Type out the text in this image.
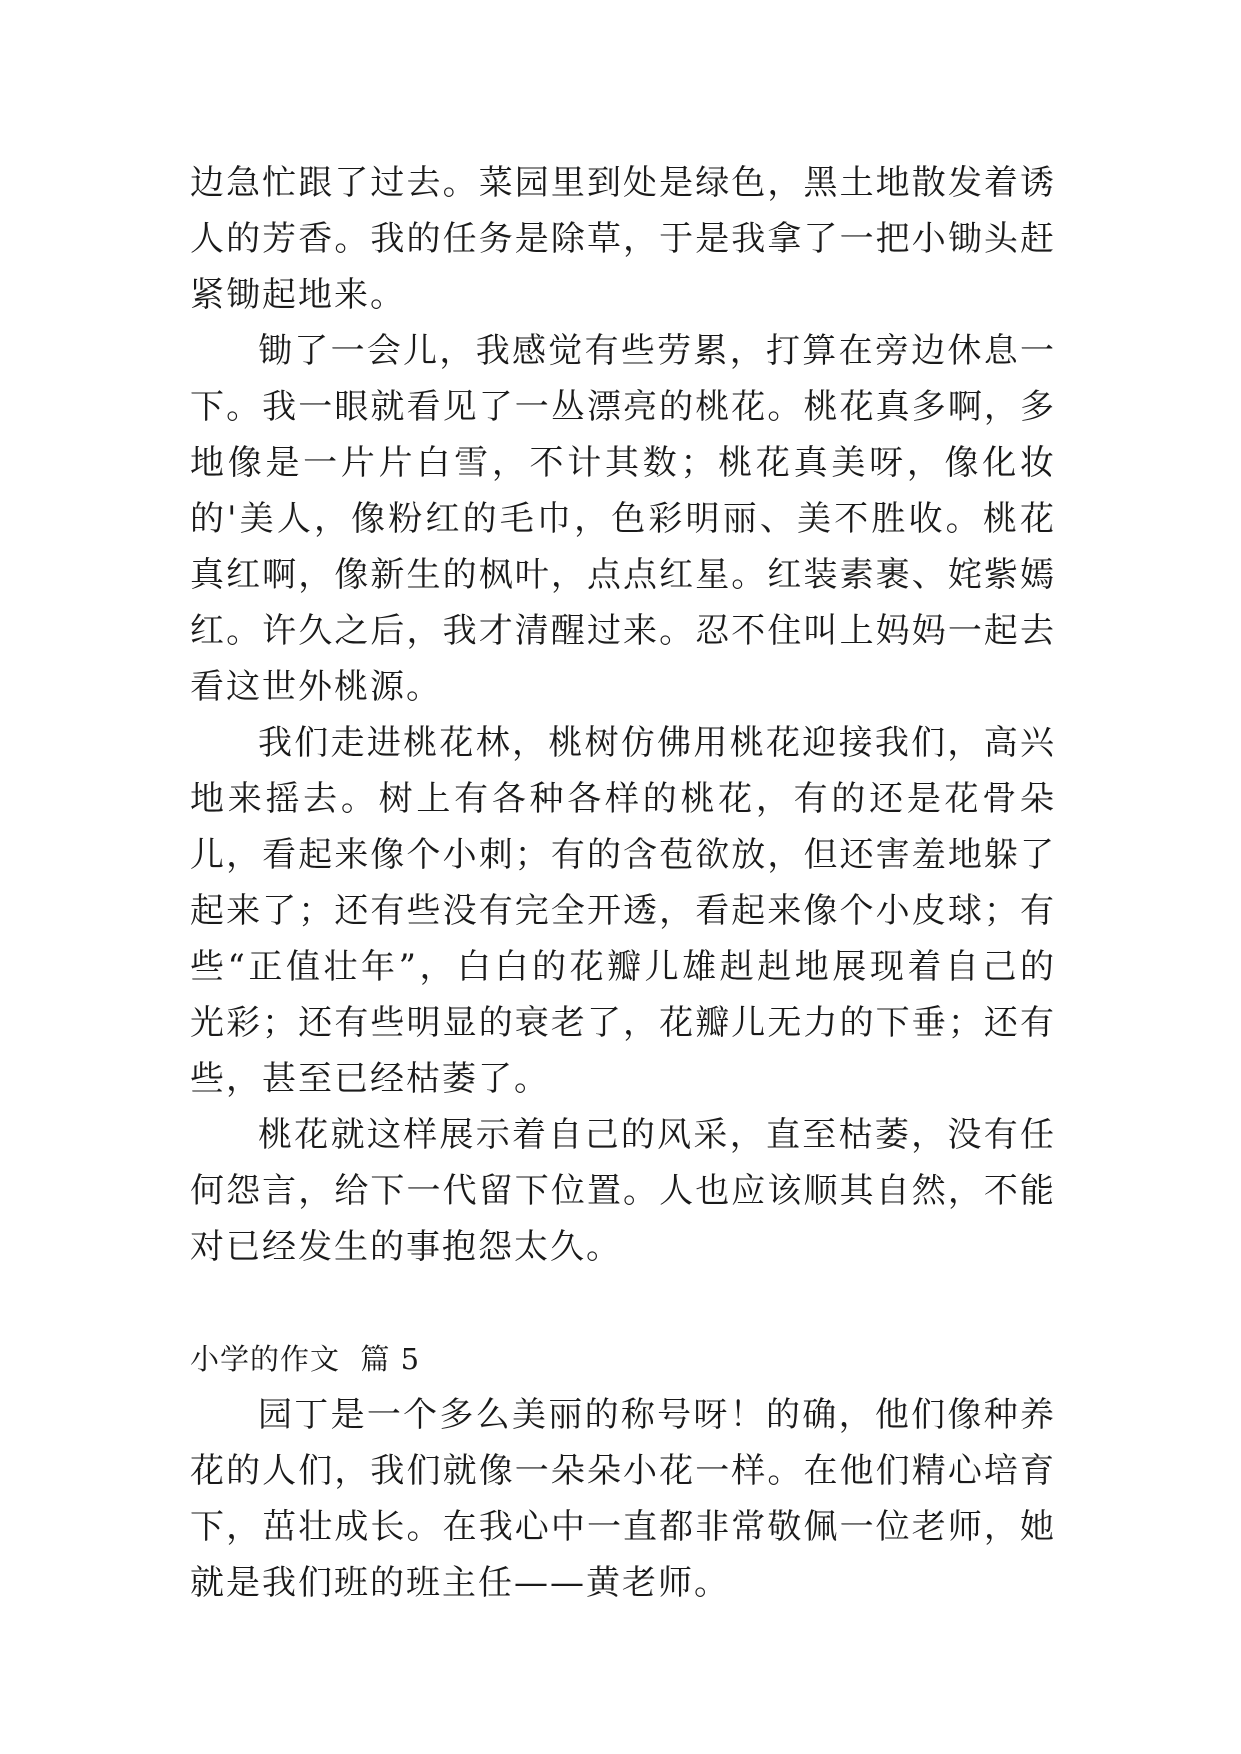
边急忙跟了过去。菜园里到处是绿色，黑土地散发着诱人的芳香。我的任务是除草，于是我拿了一把小锄头赶紧锄起地来。

锄了一会儿，我感觉有些劳累，打算在旁边休息一下。我一眼就看见了一丛漂亮的桃花。桃花真多啊，多地像是一片片白雪，不计其数；桃花真美呀，像化妆的'美人，像粉红的毛巾，色彩明丽、美不胜收。桃花真红啊，像新生的枫叶，点点红星。红装素裹、姹紫嫣红。许久之后，我才清醒过来。忍不住叫上妈妈一起去看这世外桃源。

我们走进桃花林，桃树仿佛用桃花迎接我们，高兴地来摇去。树上有各种各样的桃花，有的还是花骨朵儿，看起来像个小刺；有的含苞欲放，但还害羞地躲了起来了；还有些没有完全开透，看起来像个小皮球；有些“正值壮年”，白白的花瓣儿雄赳赳地展现着自己的光彩；还有些明显的衰老了，花瓣儿无力的下垂；还有些，甚至已经枯萎了。

桃花就这样展示着自己的风采，直至枯萎，没有任何怨言，给下一代留下位置。人也应该顺其自然，不能对已经发生的事抱怨太久。

小学的作文  篇 5

园丁是一个多么美丽的称号呀！的确，他们像种养花的人们，我们就像一朵朵小花一样。在他们精心培育下，茁壮成长。在我心中一直都非常敬佩一位老师，她就是我们班的班主任——黄老师。
